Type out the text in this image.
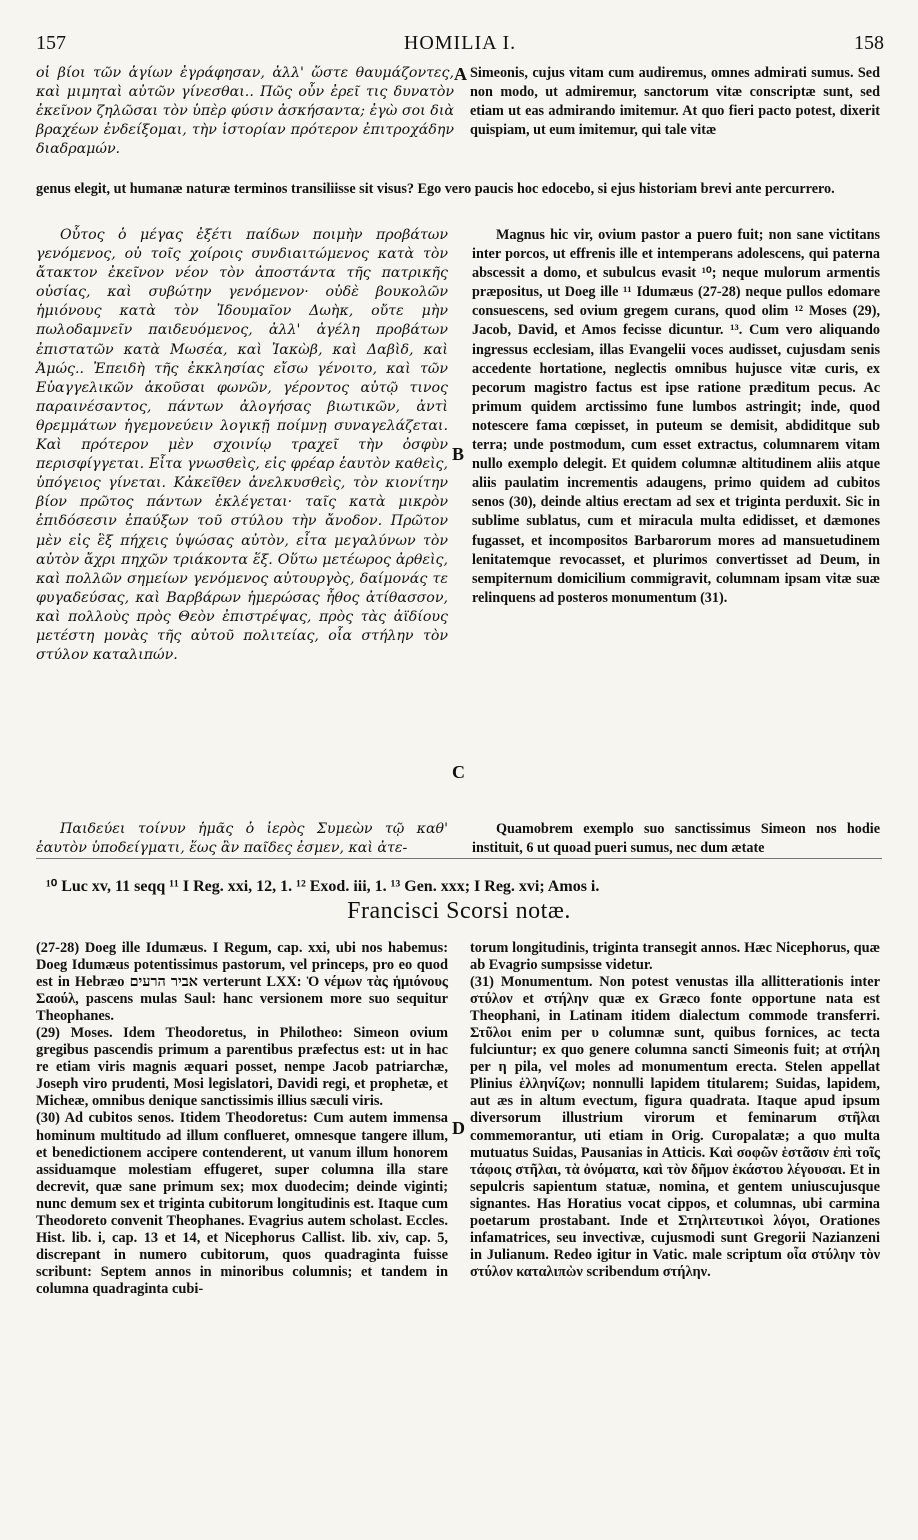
157	HOMILIA I.	158

οἱ βίοι τῶν ἁγίων ἐγράφησαν, ἀλλ' ὥστε θαυμάζοντες, καὶ μιμηταὶ αὐτῶν γίνεσθαι.. Πῶς οὖν ἐρεῖ τις δυνατὸν ἐκεῖνον ζηλῶσαι τὸν ὑπὲρ φύσιν ἀσκήσαντα; ἐγὼ σοι διὰ βραχέων ἐνδείξομαι, τὴν ἱστορίαν πρότερον ἐπιτροχάδην διαδραμών.

Simeonis, cujus vitam cum audiremus, omnes admirati sumus. Sed non modo, ut admiremur, sanctorum vitæ conscriptæ sunt, sed etiam ut eas admirando imitemur. At quo fieri pacto potest, dixerit quispiam, ut eum imitemur, qui tale vitæ

A

genus elegit, ut humanæ naturæ terminos transiliisse sit visus? Ego vero paucis hoc edocebo, si ejus historiam brevi ante percurrero.

Οὗτος ὁ μέγας ἐξέτι παίδων ποιμὴν προβάτων γενόμενος, οὐ τοῖς χοίροις συνδιαιτώμενος κατὰ τὸν ἄτακτον ἐκεῖνον νέον τὸν ἀποστάντα τῆς πατρικῆς οὐσίας, καὶ συβώτην γενόμενον· οὐδὲ βουκολῶν ἡμιόνους κατὰ τὸν Ἰδουμαῖον Δωὴκ, οὔτε μὴν πωλοδαμνεῖν παιδευόμενος, ἀλλ' ἀγέλη προβάτων ἐπιστατῶν κατὰ Μωσέα, καὶ Ἰακὼβ, καὶ Δαβὶδ, καὶ Ἀμώς.. Ἐπειδὴ τῆς ἐκκλησίας εἴσω γένοιτο, καὶ τῶν Εὐαγγελικῶν ἀκοῦσαι φωνῶν, γέροντος αὐτῷ τινος παραινέσαντος, πάντων ἀλογήσας βιωτικῶν, ἀντὶ θρεμμάτων ἡγεμονεύειν λογικῇ ποίμνῃ συναγελάζεται. Καὶ πρότερον μὲν σχοινίῳ τραχεῖ τὴν ὀσφὺν περισφίγγεται. Εἶτα γνωσθεὶς, εἰς φρέαρ ἑαυτὸν καθεὶς, ὑπόγειος γίνεται. Κἀκεῖθεν ἀνελκυσθεὶς, τὸν κιονίτην βίον πρῶτος πάντων ἐκλέγεται· ταῖς κατὰ μικρὸν ἐπιδόσεσιν ἐπαύξων τοῦ στύλου τὴν ἄνοδον. Πρῶτον μὲν εἰς ἓξ πήχεις ὑψώσας αὐτὸν, εἶτα μεγαλύνων τὸν αὐτὸν ἄχρι πηχῶν τριάκοντα ἕξ. Οὕτω μετέωρος ἀρθεὶς, καὶ πολλῶν σημείων γενόμενος αὐτουργὸς, δαίμονάς τε φυγαδεύσας, καὶ Βαρβάρων ἡμερώσας ἦθος ἀτίθασσον, καὶ πολλοὺς πρὸς Θεὸν ἐπιστρέψας, πρὸς τὰς ἀϊδίους μετέστη μονὰς τῆς αὐτοῦ πολιτείας, οἷα στήλην τὸν στύλον καταλιπών.

B
C

Magnus hic vir, ovium pastor a puero fuit; non sane victitans inter porcos, ut effrenis ille et intemperans adolescens, qui paterna abscessit a domo, et subulcus evasit ¹⁰; neque mulorum armentis præpositus, ut Doeg ille ¹¹ Idumæus (27-28) neque pullos edomare consuescens, sed ovium gregem curans, quod olim ¹² Moses (29), Jacob, David, et Amos fecisse dicuntur. ¹³. Cum vero aliquando ingressus ecclesiam, illas Evangelii voces audisset, cujusdam senis accedente hortatione, neglectis omnibus hujusce vitæ curis, ex pecorum magistro factus est ipse ratione præditum pecus. Ac primum quidem arctissimo fune lumbos astringit; inde, quod notescere fama cœpisset, in puteum se demisit, abdiditque sub terra; unde postmodum, cum esset extractus, columnarem vitam nullo exemplo delegit. Et quidem columnæ altitudinem aliis atque aliis paulatim incrementis adaugens, primo quidem ad cubitos senos (30), deinde altius erectam ad sex et triginta perduxit. Sic in sublime sublatus, cum et miracula multa edidisset, et dæmones fugasset, et incompositos Barbarorum mores ad mansuetudinem lenitatemque revocasset, et plurimos convertisset ad Deum, in sempiternum domicilium commigravit, columnam ipsam vitæ suæ relinquens ad posteros monumentum (31).

Παιδεύει τοίνυν ἡμᾶς ὁ ἱερὸς Συμεὼν τῷ καθ' ἑαυτὸν ὑποδείγματι, ἕως ἂν παῖδες ἐσμεν, καὶ ἀτε-

Quamobrem exemplo suo sanctissimus Simeon nos hodie instituit, 6 ut quoad pueri sumus, nec dum ætate

¹⁰ Luc xv, 11 seqq ¹¹ I Reg. xxi, 12, 1. ¹² Exod. iii, 1. ¹³ Gen. xxx; I Reg. xvi; Amos i.
Francisci Scorsi notæ.

(27-28) Doeg ille Idumæus. I Regum, cap. xxi, ubi nos habemus: Doeg Idumæus potentissimus pastorum, vel princeps, pro eo quod est in Hebræo אביר הרעים verterunt LXX: Ὁ νέμων τὰς ἡμιόνους Σαούλ, pascens mulas Saul: hanc versionem more suo sequitur Theophanes.

(29) Moses. Idem Theodoretus, in Philotheo: Simeon ovium gregibus pascendis primum a parentibus præfectus est: ut in hac re etiam viris magnis æquari posset, nempe Jacob patriarchæ, Joseph viro prudenti, Mosi legislatori, Davidi regi, et prophetæ, et Micheæ, omnibus denique sanctissimis illius sæculi viris.

(30) Ad cubitos senos. Itidem Theodoretus: Cum autem immensa hominum multitudo ad illum conflueret, omnesque tangere illum, et benedictionem accipere contenderent, ut vanum illum honorem assiduamque molestiam effugeret, super columna illa stare decrevit, quæ sane primum sex; mox duodecim; deinde viginti; nunc demum sex et triginta cubitorum longitudinis est. Itaque cum Theodoreto convenit Theophanes. Evagrius autem scholast. Eccles. Hist. lib. i, cap. 13 et 14, et Nicephorus Callist. lib. xiv, cap. 5, discrepant in numero cubitorum, quos quadraginta fuisse scribunt: Septem annos in minoribus columnis; et tandem in columna quadraginta cubi-

D

torum longitudinis, triginta transegit annos. Hæc Nicephorus, quæ ab Evagrio sumpsisse videtur.

(31) Monumentum. Non potest venustas illa allitterationis inter στύλον et στήλην quæ ex Græco fonte opportune nata est Theophani, in Latinam itidem dialectum commode transferri. Στῦλοι enim per υ columnæ sunt, quibus fornices, ac tecta fulciuntur; ex quo genere columna sancti Simeonis fuit; at στήλη per η pila, vel moles ad monumentum erecta. Stelen appellat Plinius ἑλληνίζων; nonnulli lapidem titularem; Suidas, lapidem, aut æs in altum evectum, figura quadrata. Itaque apud ipsum diversorum illustrium virorum et feminarum στῆλαι commemorantur, uti etiam in Orig. Curopalatæ; a quo multa mutuatus Suidas, Pausanias in Atticis. Καὶ σοφῶν ἑστᾶσιν ἐπὶ τοῖς τάφοις στῆλαι, τὰ ὀνόματα, καὶ τὸν δῆμον ἑκάστου λέγουσαι. Et in sepulcris sapientum statuæ, nomina, et gentem uniuscujusque signantes. Has Horatius vocat cippos, et columnas, ubi carmina poetarum prostabant. Inde et Στηλιτευτικοὶ λόγοι, Orationes infamatrices, seu invectivæ, cujusmodi sunt Gregorii Nazianzeni in Julianum. Redeo igitur in Vatic. male scriptum οἷα στύλην τὸν στύλον καταλιπὼν scribendum στήλην.
